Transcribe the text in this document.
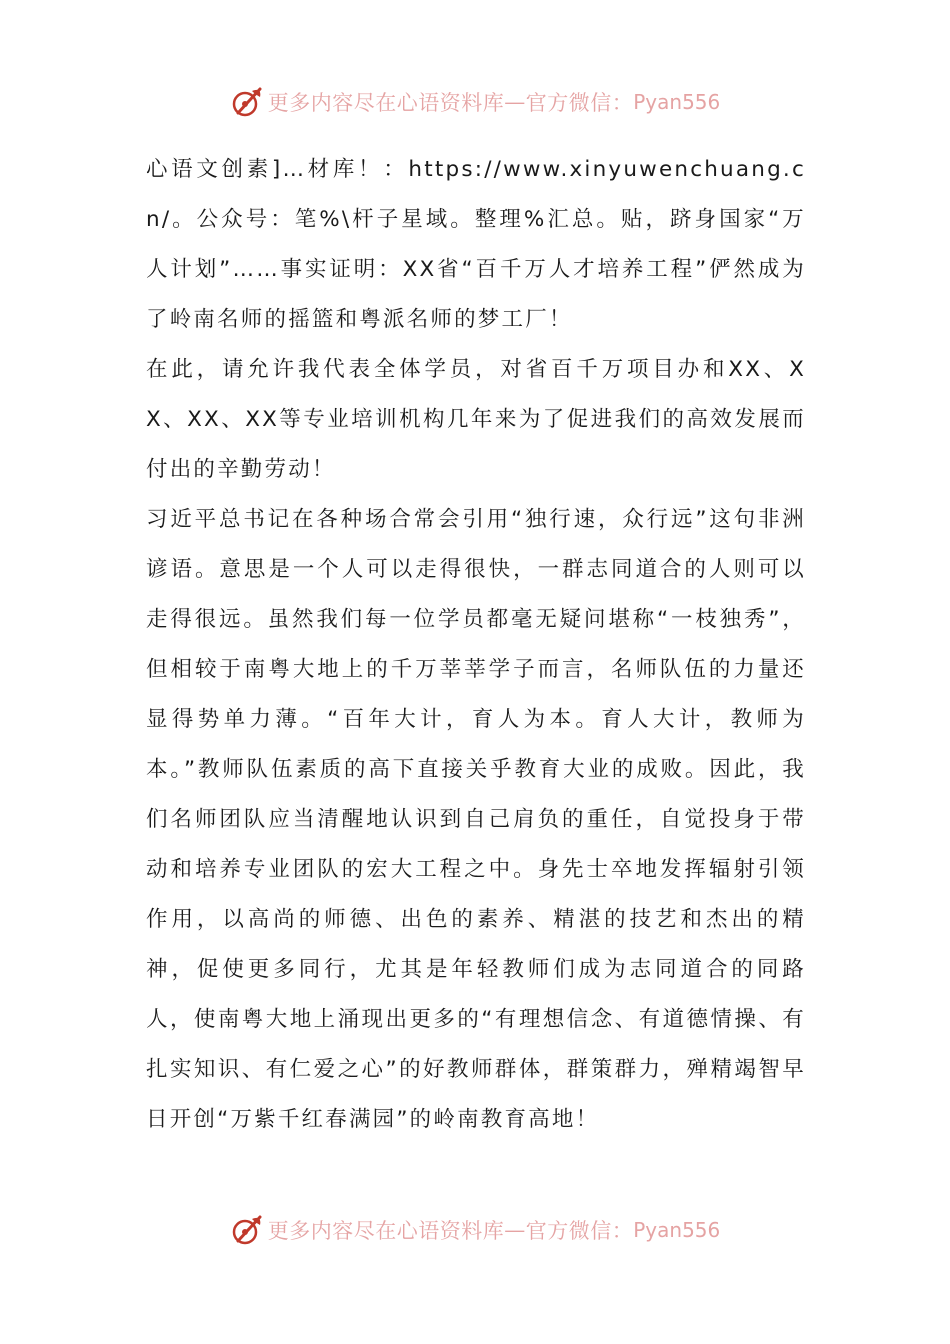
更多内容尽在心语资料库 — 官方微信： Pyan556

心语文创素]…材库！：https://www.xinyuwenchuang.cn/。公众号：笔%\杆子星域。整理%汇总。贴，跻身国家“万人计划”……事实证明：XX省“百千万人才培养工程”俨然成为了岭南名师的摇篮和粤派名师的梦工厂！

在此，请允许我代表全体学员，对省百千万项目办和XX、XX、XX、XX等专业培训机构几年来为了促进我们的高效发展而付出的辛勤劳动！

习近平总书记在各种场合常会引用“独行速，众行远”这句非洲谚语。意思是一个人可以走得很快，一群志同道合的人则可以走得很远。虽然我们每一位学员都毫无疑问堪称“一枝独秀”，但相较于南粤大地上的千万莘莘学子而言，名师队伍的力量还显得势单力薄。“百年大计，育人为本。育人大计，教师为本。”教师队伍素质的高下直接关乎教育大业的成败。因此，我们名师团队应当清醒地认识到自己肩负的重任，自觉投身于带动和培养专业团队的宏大工程之中。身先士卒地发挥辐射引领作用，以高尚的师德、出色的素养、精湛的技艺和杰出的精神，促使更多同行，尤其是年轻教师们成为志同道合的同路人，使南粤大地上涌现出更多的“有理想信念、有道德情操、有扎实知识、有仁爱之心”的好教师群体，群策群力，殚精竭智早日开创“万紫千红春满园”的岭南教育高地！

更多内容尽在心语资料库 — 官方微信： Pyan556
